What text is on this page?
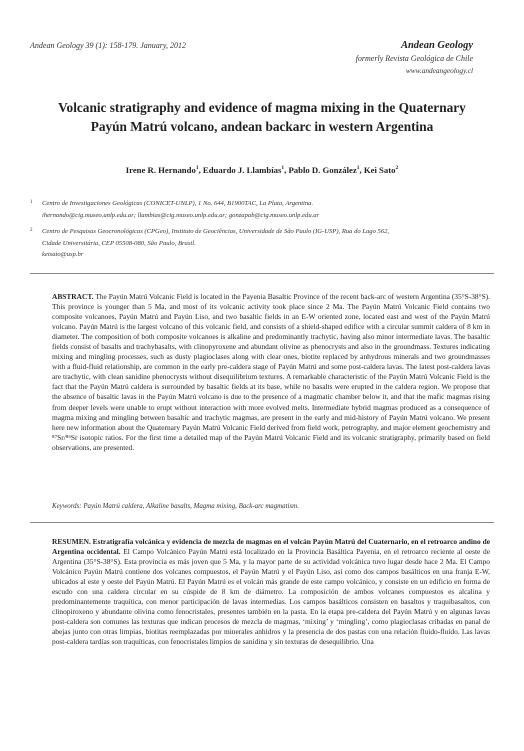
Andean Geology 39 (1): 158-179. January, 2012	Andean Geology
formerly Revista Geológica de Chile
www.andeangeology.cl
Volcanic stratigraphy and evidence of magma mixing in the Quaternary
Payún Matrú volcano, andean backarc in western Argentina
Irene R. Hernando$^1$, Eduardo J. Llambías$^1$, Pablo D. González$^1$, Kei Sato$^2$
1 Centro de Investigaciones Geológicas (CONICET-UNLP), 1 No. 644, B1900TAC, La Plata, Argentina.
ihernando@cig.museo.unlp.edu.ar; llambias@cig.museo.unlp.edu.ar; gonzapab@cig.museo.unlp.edu.ar
2 Centro de Pesquisas Geocronológicas (CPGeo), Instituto de Geociências, Universidade de São Paulo (IG-USP), Rua do Lago 562,
Cidade Universitária, CEP 05508-080, São Paulo, Brasil.
keisato@usp.br
ABSTRACT. The Payún Matrú Volcanic Field is located in the Payenia Basaltic Province of the recent back-arc of western Argentina (35°S-38°S). This province is younger than 5 Ma, and most of its volcanic activity took place since 2 Ma. The Payún Matrú Volcanic Field contains two composite volcanoes, Payún Matrú and Payún Liso, and two basaltic fields in an E-W oriented zone, located east and west of the Payún Matrú volcano. Payún Matrú is the largest volcano of this volcanic field, and consists of a shield-shaped edifice with a circular summit caldera of 8 km in diameter. The composition of both composite volcanoes is alkaline and predominantly trachytic, having also minor intermediate lavas. The basaltic fields consist of basalts and trachybasalts, with clinopyroxene and abundant olivine as phenocrysts and also in the groundmass. Textures indicating mixing and mingling processes, such as dusty plagioclases along with clear ones, biotite replaced by anhydrous minerals and two groundmasses with a fluid-fluid relationship, are common in the early pre-caldera stage of Payún Matrú and some post-caldera lavas. The latest post-caldera lavas are trachytic, with clean sanidine phenocrysts without disequilibrium textures. A remarkable characteristic of the Payún Matrú Volcanic Field is the fact that the Payún Matrú caldera is surrounded by basaltic fields at its base, while no basalts were erupted in the caldera region. We propose that the absence of basaltic lavas in the Payún Matrú volcano is due to the presence of a magmatic chamber below it, and that the mafic magmas rising from deeper levels were unable to erupt without interaction with more evolved melts. Intermediate hybrid magmas produced as a consequence of magma mixing and mingling between basaltic and trachytic magmas, are present in the early and mid-history of Payún Matrú volcano. We present here new information about the Quaternary Payún Matrú Volcanic Field derived from field work, petrography, and major element geochemistry and ⁸⁷Sr/⁸⁶Sr isotopic ratios. For the first time a detailed map of the Payún Matrú Volcanic Field and its volcanic stratigraphy, primarily based on field observations, are presented.
Keywords: Payún Matrú caldera, Alkaline basalts, Magma mixing, Back-arc magmatism.
RESUMEN. Estratigrafía volcánica y evidencia de mezcla de magmas en el volcán Payún Matrú del Cuaternario, en el retroarco andino de Argentina occidental. El Campo Volcánico Payún Matrú está localizado en la Provincia Basáltica Payenia, en el retroarco reciente al oeste de Argentina (35°S-38°S). Esta provincia es más joven que 5 Ma, y la mayor parte de su actividad volcánica tuvo lugar desde hace 2 Ma. El Campo Volcánico Payún Matrú contiene dos volcanes compuestos, el Payún Matrú y el Payún Liso, así como dos campos basálticos en una franja E-W, ubicados al este y oeste del Payún Matrú. El Payún Matrú es el volcán más grande de este campo volcánico, y consiste en un edificio en forma de escudo con una caldera circular en su cúspide de 8 km de diámetro. La composición de ambos volcanes compuestos es alcalina y predominantemente traquítica, con menor participación de lavas intermedias. Los campos basálticos consisten en basaltos y traquibasaltos, con clinopiroxeno y abundante olivina como fenocristales, presentes también en la pasta. En la etapa pre-caldera del Payún Matrú y en algunas lavas post-caldera son comunes las texturas que indican procesos de mezcla de magmas, ‘mixing’ y ‘mingling’, como plagioclasas cribadas en panal de abejas junto con otras limpias, biotitas reemplazadas por minerales anhidros y la presencia de dos pastas con una relación fluido-fluido. Las lavas post-caldera tardías son traquíticas, con fenocristales limpios de sanidina y sin texturas de desequilibrio. Una
